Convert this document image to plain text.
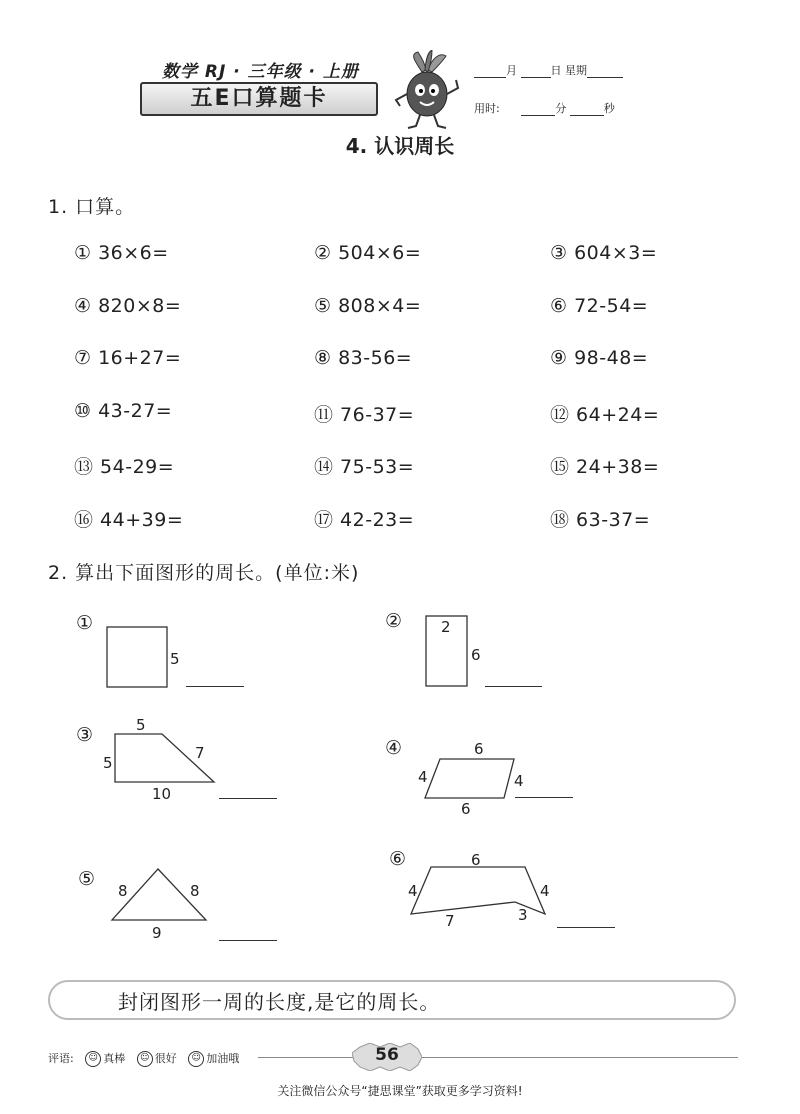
数学 RJ · 三年级 · 上册
五E口算题卡
月	日 星期
用时:	分	秒
4. 认识周长
1. 口算。
① 36×6=	② 504×6=	③ 604×3=
④ 820×8=	⑤ 808×4=	⑥ 72-54=
⑦ 16+27=	⑧ 83-56=	⑨ 98-48=
⑩ 43-27=	⑪ 76-37=	⑫ 64+24=
⑬ 54-29=	⑭ 75-53=	⑮ 24+38=
⑯ 44+39=	⑰ 42-23=	⑱ 63-37=
2. 算出下面图形的周长。(单位:米)
①
5
②	2
6
③	5
5
7
10
④	6
4	4
6
⑤
8	8
9
⑥	6
4	4
7	3
封闭图形一周的长度,是它的周长。
评语: ☺ 真棒 ☺ 很好 ☺ 加油哦	56
关注微信公众号“捷思课堂”获取更多学习资料!
